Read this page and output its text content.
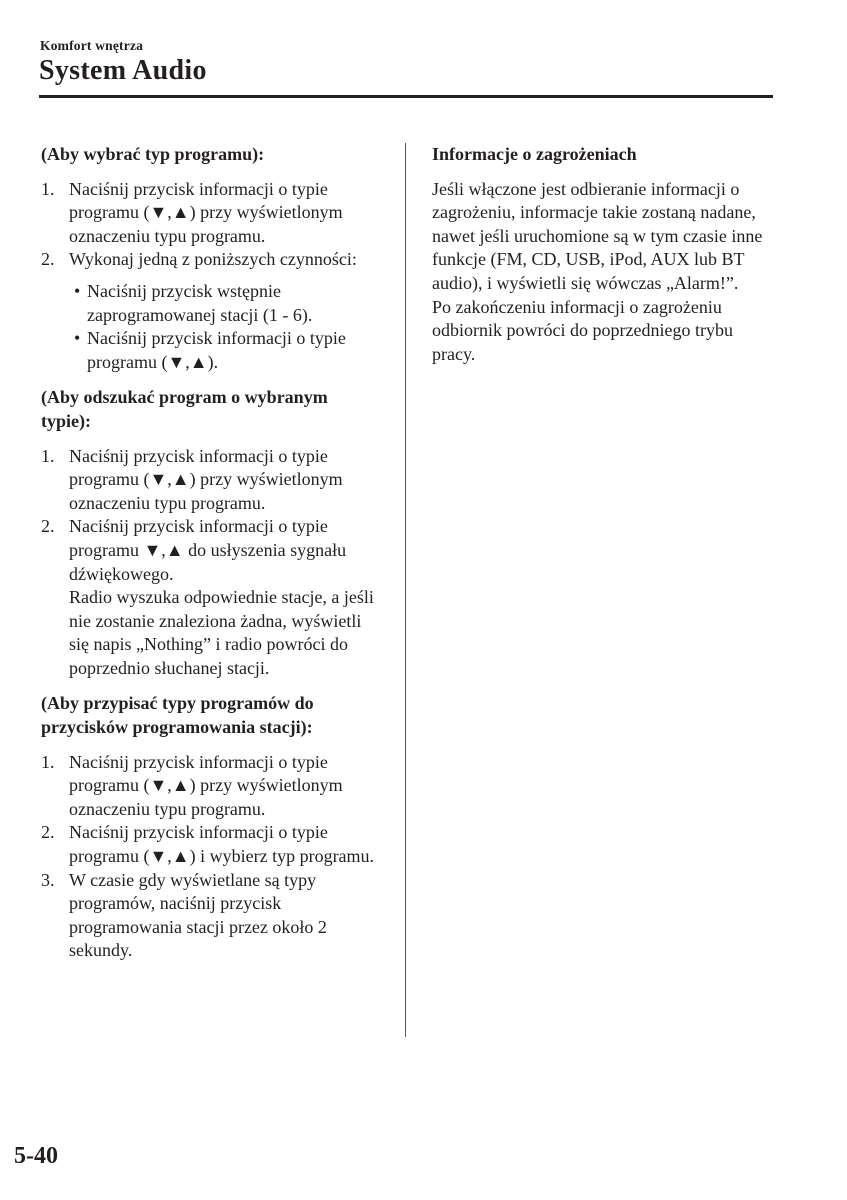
Komfort wnętrza
System Audio

(Aby wybrać typ programu):

1. Naciśnij przycisk informacji o typie programu (▼,▲) przy wyświetlonym oznaczeniu typu programu.
2. Wykonaj jedną z poniższych czynności:
• Naciśnij przycisk wstępnie zaprogramowanej stacji (1 - 6).
• Naciśnij przycisk informacji o typie programu (▼,▲).

(Aby odszukać program o wybranym typie):

1. Naciśnij przycisk informacji o typie programu (▼,▲) przy wyświetlonym oznaczeniu typu programu.
2. Naciśnij przycisk informacji o typie programu ▼,▲ do usłyszenia sygnału dźwiękowego.
Radio wyszuka odpowiednie stacje, a jeśli nie zostanie znaleziona żadna, wyświetli się napis „Nothing” i radio powróci do poprzednio słuchanej stacji.

(Aby przypisać typy programów do przycisków programowania stacji):

1. Naciśnij przycisk informacji o typie programu (▼,▲) przy wyświetlonym oznaczeniu typu programu.
2. Naciśnij przycisk informacji o typie programu (▼,▲) i wybierz typ programu.
3. W czasie gdy wyświetlane są typy programów, naciśnij przycisk programowania stacji przez około 2 sekundy.

Informacje o zagrożeniach

Jeśli włączone jest odbieranie informacji o zagrożeniu, informacje takie zostaną nadane, nawet jeśli uruchomione są w tym czasie inne funkcje (FM, CD, USB, iPod, AUX lub BT audio), i wyświetli się wówczas „Alarm!”.

Po zakończeniu informacji o zagrożeniu odbiornik powróci do poprzedniego trybu pracy.

5-40
